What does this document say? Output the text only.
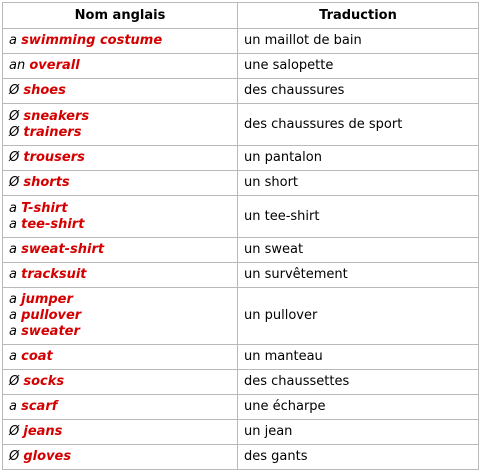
Nom anglais	Traduction

a swimming costume	un maillot de bain

an overall	une salopette

Ø shoes	des chaussures

Ø sneakers
Ø trainers	des chaussures de sport

Ø trousers	un pantalon

Ø shorts	un short

a T-shirt
a tee-shirt	un tee-shirt

a sweat-shirt	un sweat

a tracksuit	un survêtement

a jumper
a pullover
a sweater	un pullover

a coat	un manteau

Ø socks	des chaussettes

a scarf	une écharpe

Ø jeans	un jean

Ø gloves	des gants
